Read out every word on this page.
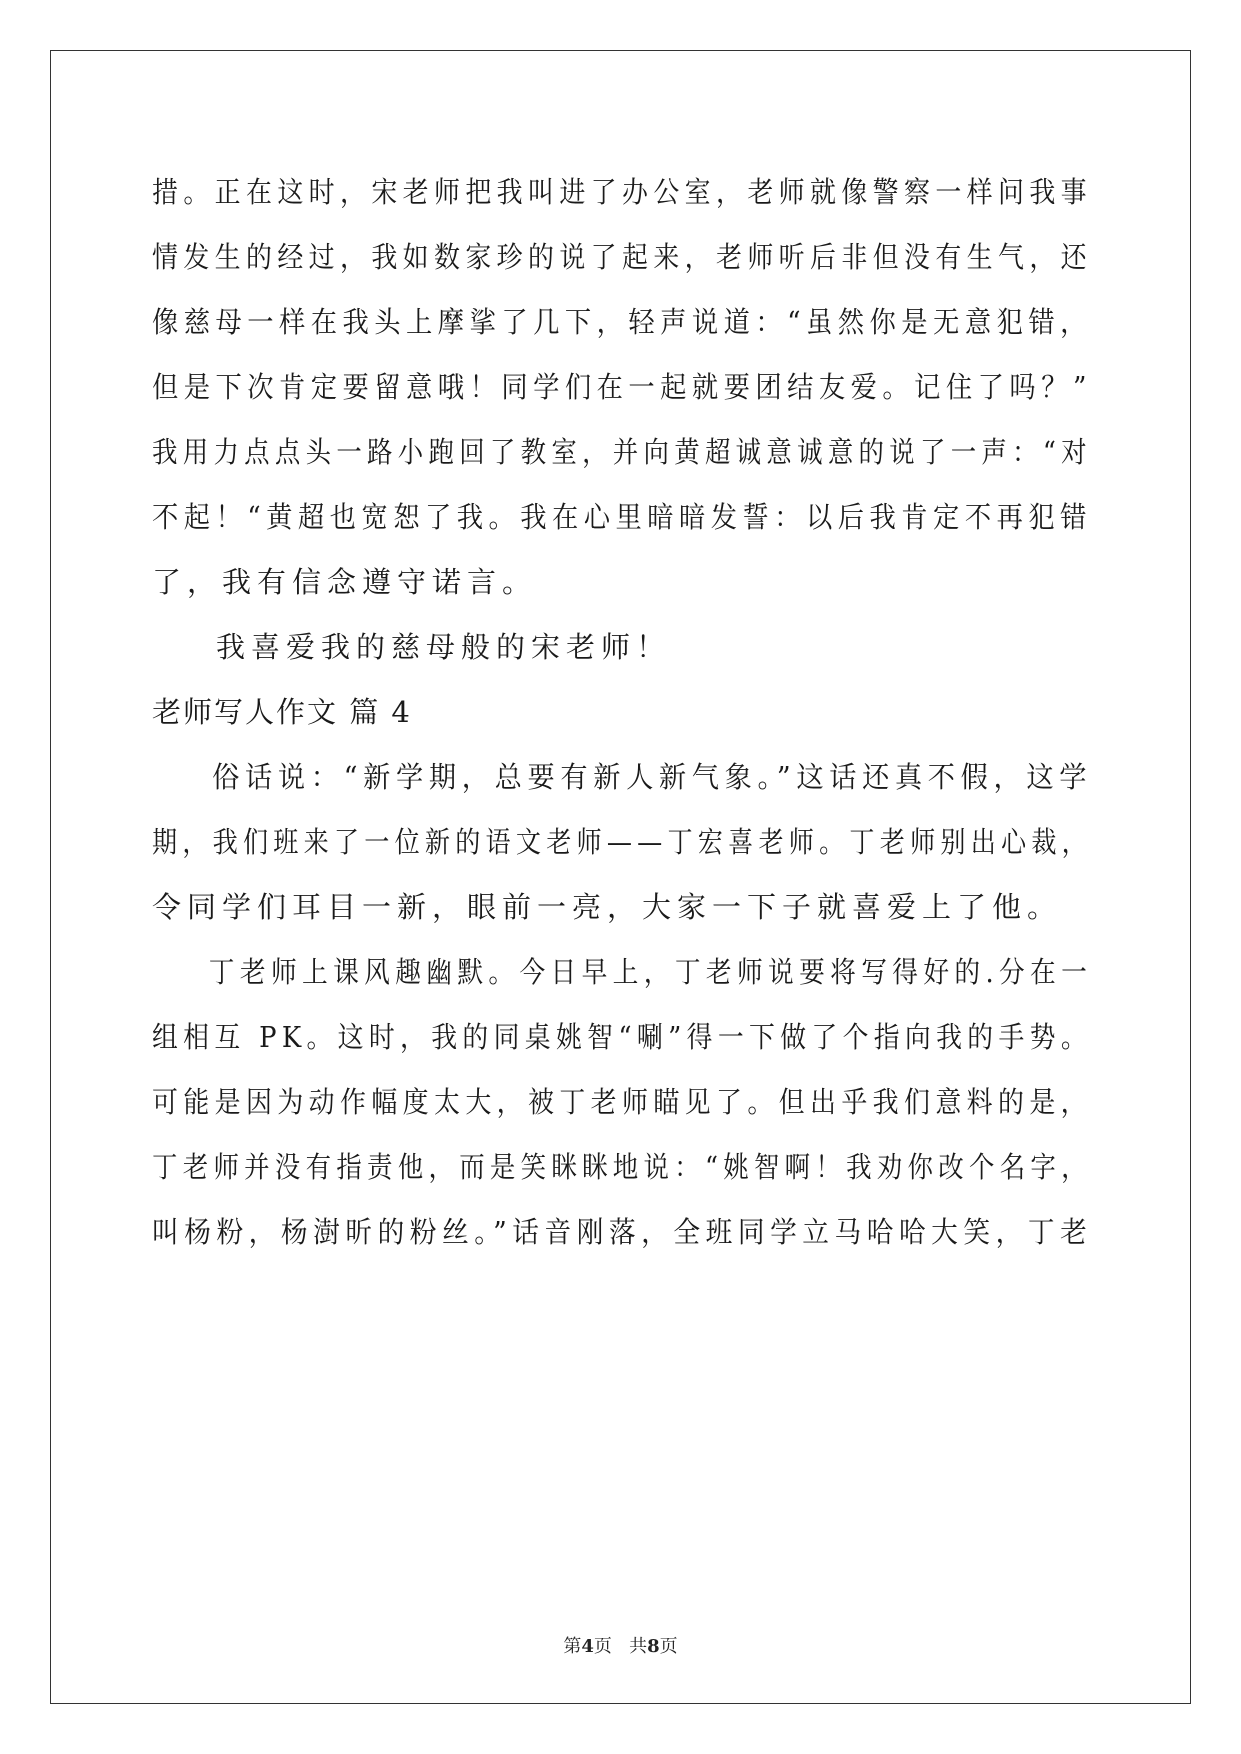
措。正在这时，宋老师把我叫进了办公室，老师就像警察一样问我事
情发生的经过，我如数家珍的说了起来，老师听后非但没有生气，还
像慈母一样在我头上摩挲了几下，轻声说道：“虽然你是无意犯错，
但是下次肯定要留意哦！同学们在一起就要团结友爱。记住了吗？”
我用力点点头一路小跑回了教室，并向黄超诚意诚意的说了一声：“对
不起！“黄超也宽恕了我。我在心里暗暗发誓：以后我肯定不再犯错
了，我有信念遵守诺言。
我喜爱我的慈母般的宋老师！
老师写人作文 篇 4
俗话说：“新学期，总要有新人新气象。”这话还真不假，这学
期，我们班来了一位新的语文老师——丁宏喜老师。丁老师别出心裁，
令同学们耳目一新，眼前一亮，大家一下子就喜爱上了他。
丁老师上课风趣幽默。今日早上，丁老师说要将写得好的.分在一
组相互 PK。这时，我的同桌姚智“唰”得一下做了个指向我的手势。
可能是因为动作幅度太大，被丁老师瞄见了。但出乎我们意料的是，
丁老师并没有指责他，而是笑眯眯地说：“姚智啊！我劝你改个名字，
叫杨粉，杨澍昕的粉丝。”话音刚落，全班同学立马哈哈大笑，丁老
第4页   共8页
